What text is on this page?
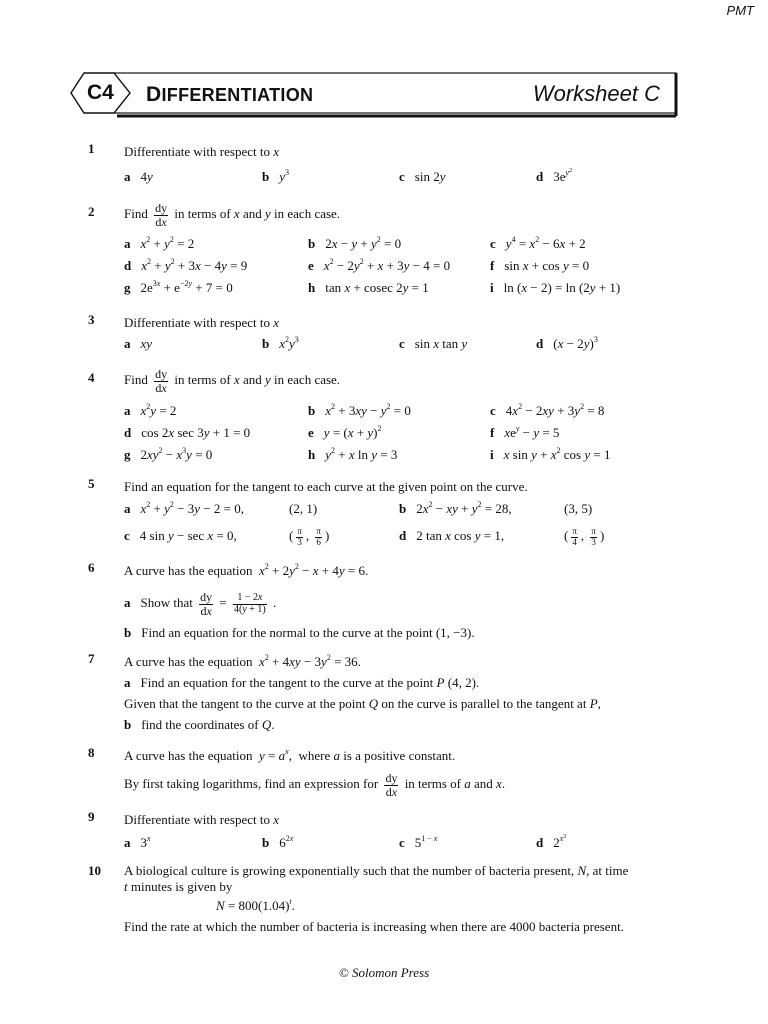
PMT
C4 DIFFERENTIATION	Worksheet C
1 Differentiate with respect to x
a 4y	b $y^3$	c sin 2y	d $3e^{y^2}$
2 Find $\frac{dy}{dx}$ in terms of x and y in each case.
a $x^2 + y^2 = 2$	b $2x - y + y^2 = 0$	c $y^4 = x^2 - 6x + 2$
d $x^2 + y^2 + 3x - 4y = 9$	e $x^2 - 2y^2 + x + 3y - 4 = 0$	f sin x + cos y = 0
g $2e^{3x} + e^{-2y} + 7 = 0$	h tan x + cosec 2y = 1	i ln (x − 2) = ln (2y + 1)
3 Differentiate with respect to x
a xy	b $x^2y^3$	c sin x tan y	d $(x - 2y)^3$
4 Find $\frac{dy}{dx}$ in terms of x and y in each case.
a $x^2y = 2$	b $x^2 + 3xy - y^2 = 0$	c $4x^2 - 2xy + 3y^2 = 8$
d cos 2x sec 3y + 1 = 0	e $y = (x + y)^2$	f $xe^y - y = 5$
g $2xy^2 - x^3y = 0$	h $y^2 + x$ ln y = 3	i x $\sin y + x^2$ cos y = 1
5 Find an equation for the tangent to each curve at the given point on the curve.
a $x^2 + y^2 - 3y - 2 = 0$,	(2, 1)	b $2x^2$ − xy + $y^2 = 28$,	(3, 5)
c 4 sin y − sec x = 0,	( $\frac{\pi}{3}$ , $\frac{\pi}{6}$ )	d 2 tan x cos y = 1,	( $\frac{\pi}{4}$ , $\frac{\pi}{3}$ )
6 A curve has the equation  $x^2 + 2y^2 - x + 4y = 6$.
a Show that $\frac{dy}{dx} = \frac{1 - 2x}{4(y + 1)}$ .
b Find an equation for the normal to the curve at the point (1, −3).
7 A curve has the equation  $x^2 + 4xy - 3y^2 = 36$.
a Find an equation for the tangent to the curve at the point P (4, 2).
Given that the tangent to the curve at the point Q on the curve is parallel to the tangent at P,
b find the coordinates of Q.
8 A curve has the equation  $y = a^x$,  where a is a positive constant.
By first taking logarithms, find an expression for $\frac{dy}{dx}$ in terms of a and x.
9 Differentiate with respect to x
a 3$^x$	b $6^{2x}$	c $5^{1 - x}$	d $2^{x^3}$
10 A biological culture is growing exponentially such that the number of bacteria present, N, at time
t minutes is given by
$N = 800(1.04)^t$.
Find the rate at which the number of bacteria is increasing when there are 4000 bacteria present.
© Solomon Press
